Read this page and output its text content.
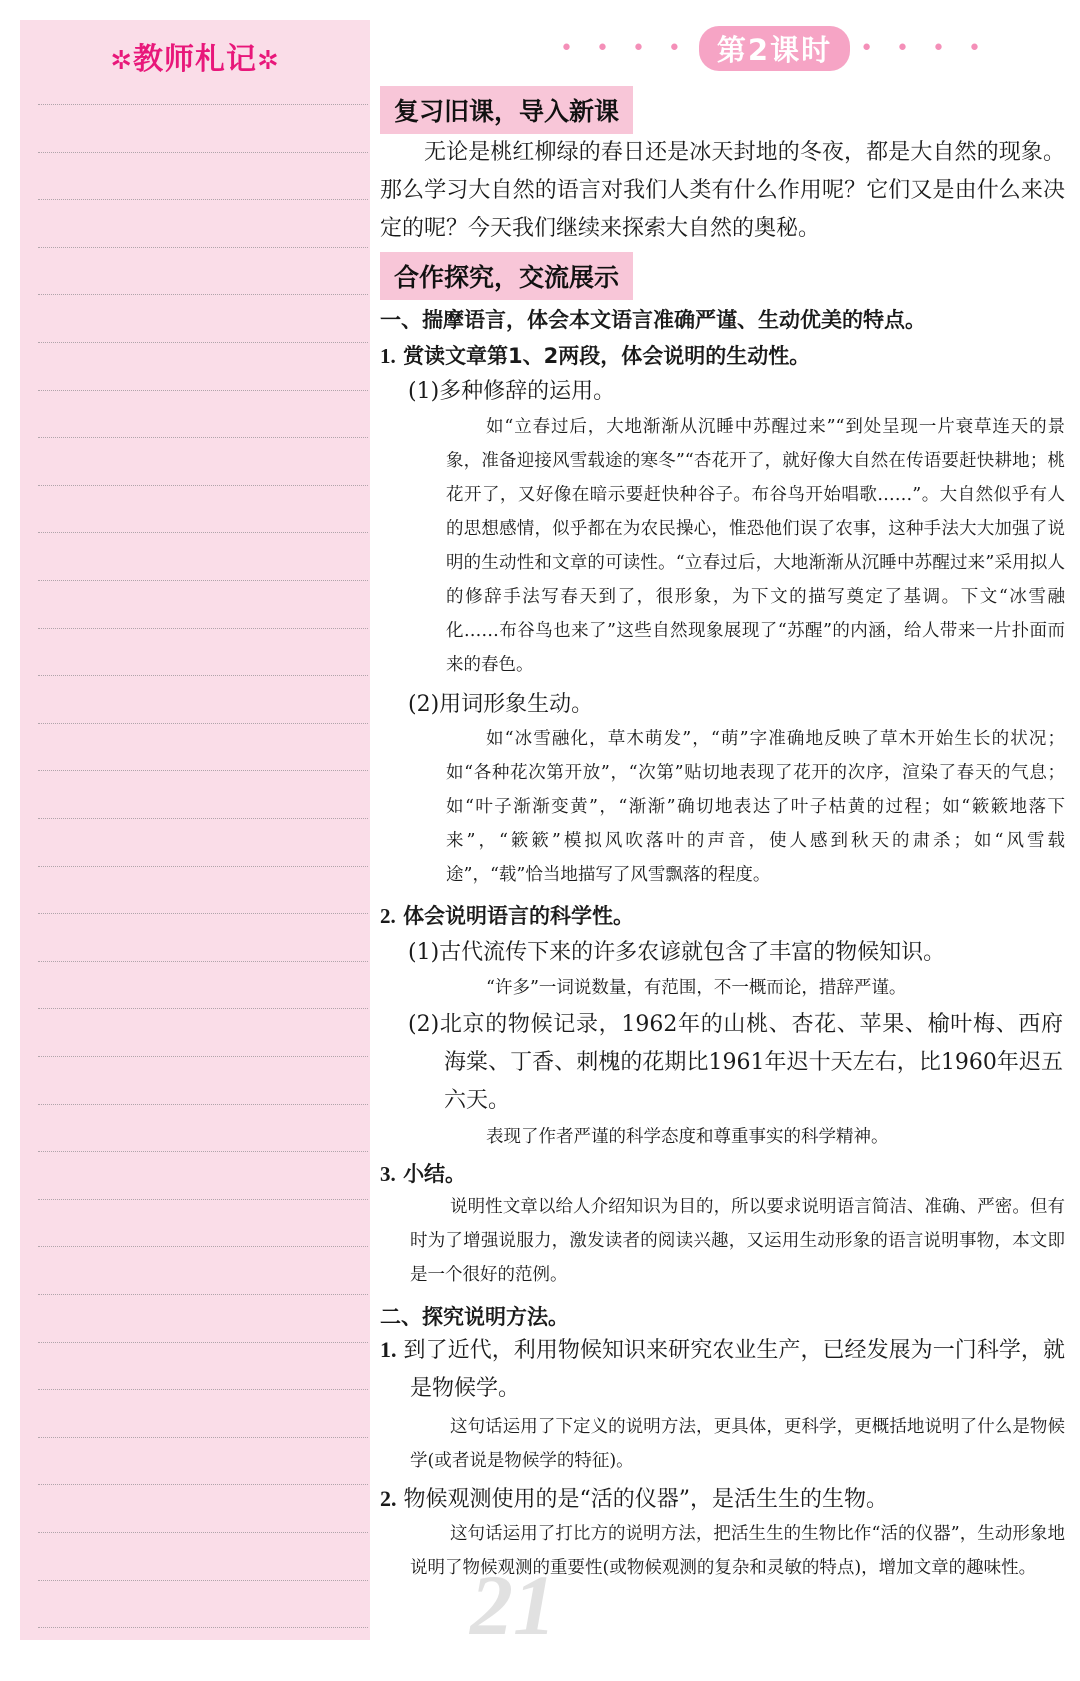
✲教师札记✲	• • • • 第2课时	• • • •
复习旧课，导入新课
无论是桃红柳绿的春日还是冰天封地的冬夜，都是大自然的现象。那么学习大自然的语言对我们人类有什么作用呢？它们又是由什么来决定的呢？今天我们继续来探索大自然的奥秘。
合作探究，交流展示
一、揣摩语言，体会本文语言准确严谨、生动优美的特点。
1. 赏读文章第1、2两段，体会说明的生动性。
(1)多种修辞的运用。
如“立春过后，大地渐渐从沉睡中苏醒过来”“到处呈现一片衰草连天的景象，准备迎接风雪载途的寒冬”“杏花开了，就好像大自然在传语要赶快耕地；桃花开了，又好像在暗示要赶快种谷子。布谷鸟开始唱歌……”。大自然似乎有人的思想感情，似乎都在为农民操心，惟恐他们误了农事，这种手法大大加强了说明的生动性和文章的可读性。“立春过后，大地渐渐从沉睡中苏醒过来”采用拟人的修辞手法写春天到了，很形象，为下文的描写奠定了基调。下文“冰雪融化……布谷鸟也来了”这些自然现象展现了“苏醒”的内涵，给人带来一片扑面而来的春色。
(2)用词形象生动。
如“冰雪融化，草木萌发”，“萌”字准确地反映了草木开始生长的状况；如“各种花次第开放”，“次第”贴切地表现了花开的次序，渲染了春天的气息；如“叶子渐渐变黄”，“渐渐”确切地表达了叶子枯黄的过程；如“簌簌地落下来”，“簌簌”模拟风吹落叶的声音，使人感到秋天的肃杀；如“风雪载途”，“载”恰当地描写了风雪飘落的程度。
2. 体会说明语言的科学性。
(1)古代流传下来的许多农谚就包含了丰富的物候知识。
“许多”一词说数量，有范围，不一概而论，措辞严谨。
(2)北京的物候记录，1962年的山桃、杏花、苹果、榆叶梅、西府海棠、丁香、刺槐的花期比1961年迟十天左右，比1960年迟五六天。
表现了作者严谨的科学态度和尊重事实的科学精神。
3. 小结。
说明性文章以给人介绍知识为目的，所以要求说明语言简洁、准确、严密。但有时为了增强说服力，激发读者的阅读兴趣，又运用生动形象的语言说明事物，本文即是一个很好的范例。
二、探究说明方法。
1. 到了近代，利用物候知识来研究农业生产，已经发展为一门科学，就是物候学。
这句话运用了下定义的说明方法，更具体，更科学，更概括地说明了什么是物候学(或者说是物候学的特征)。
2. 物候观测使用的是“活的仪器”，是活生生的生物。
这句话运用了打比方的说明方法，把活生生的生物比作“活的仪器”，生动形象地说明了物候观测的重要性(或物候观测的复杂和灵敏的特点)，增加文章的趣味性。
21
